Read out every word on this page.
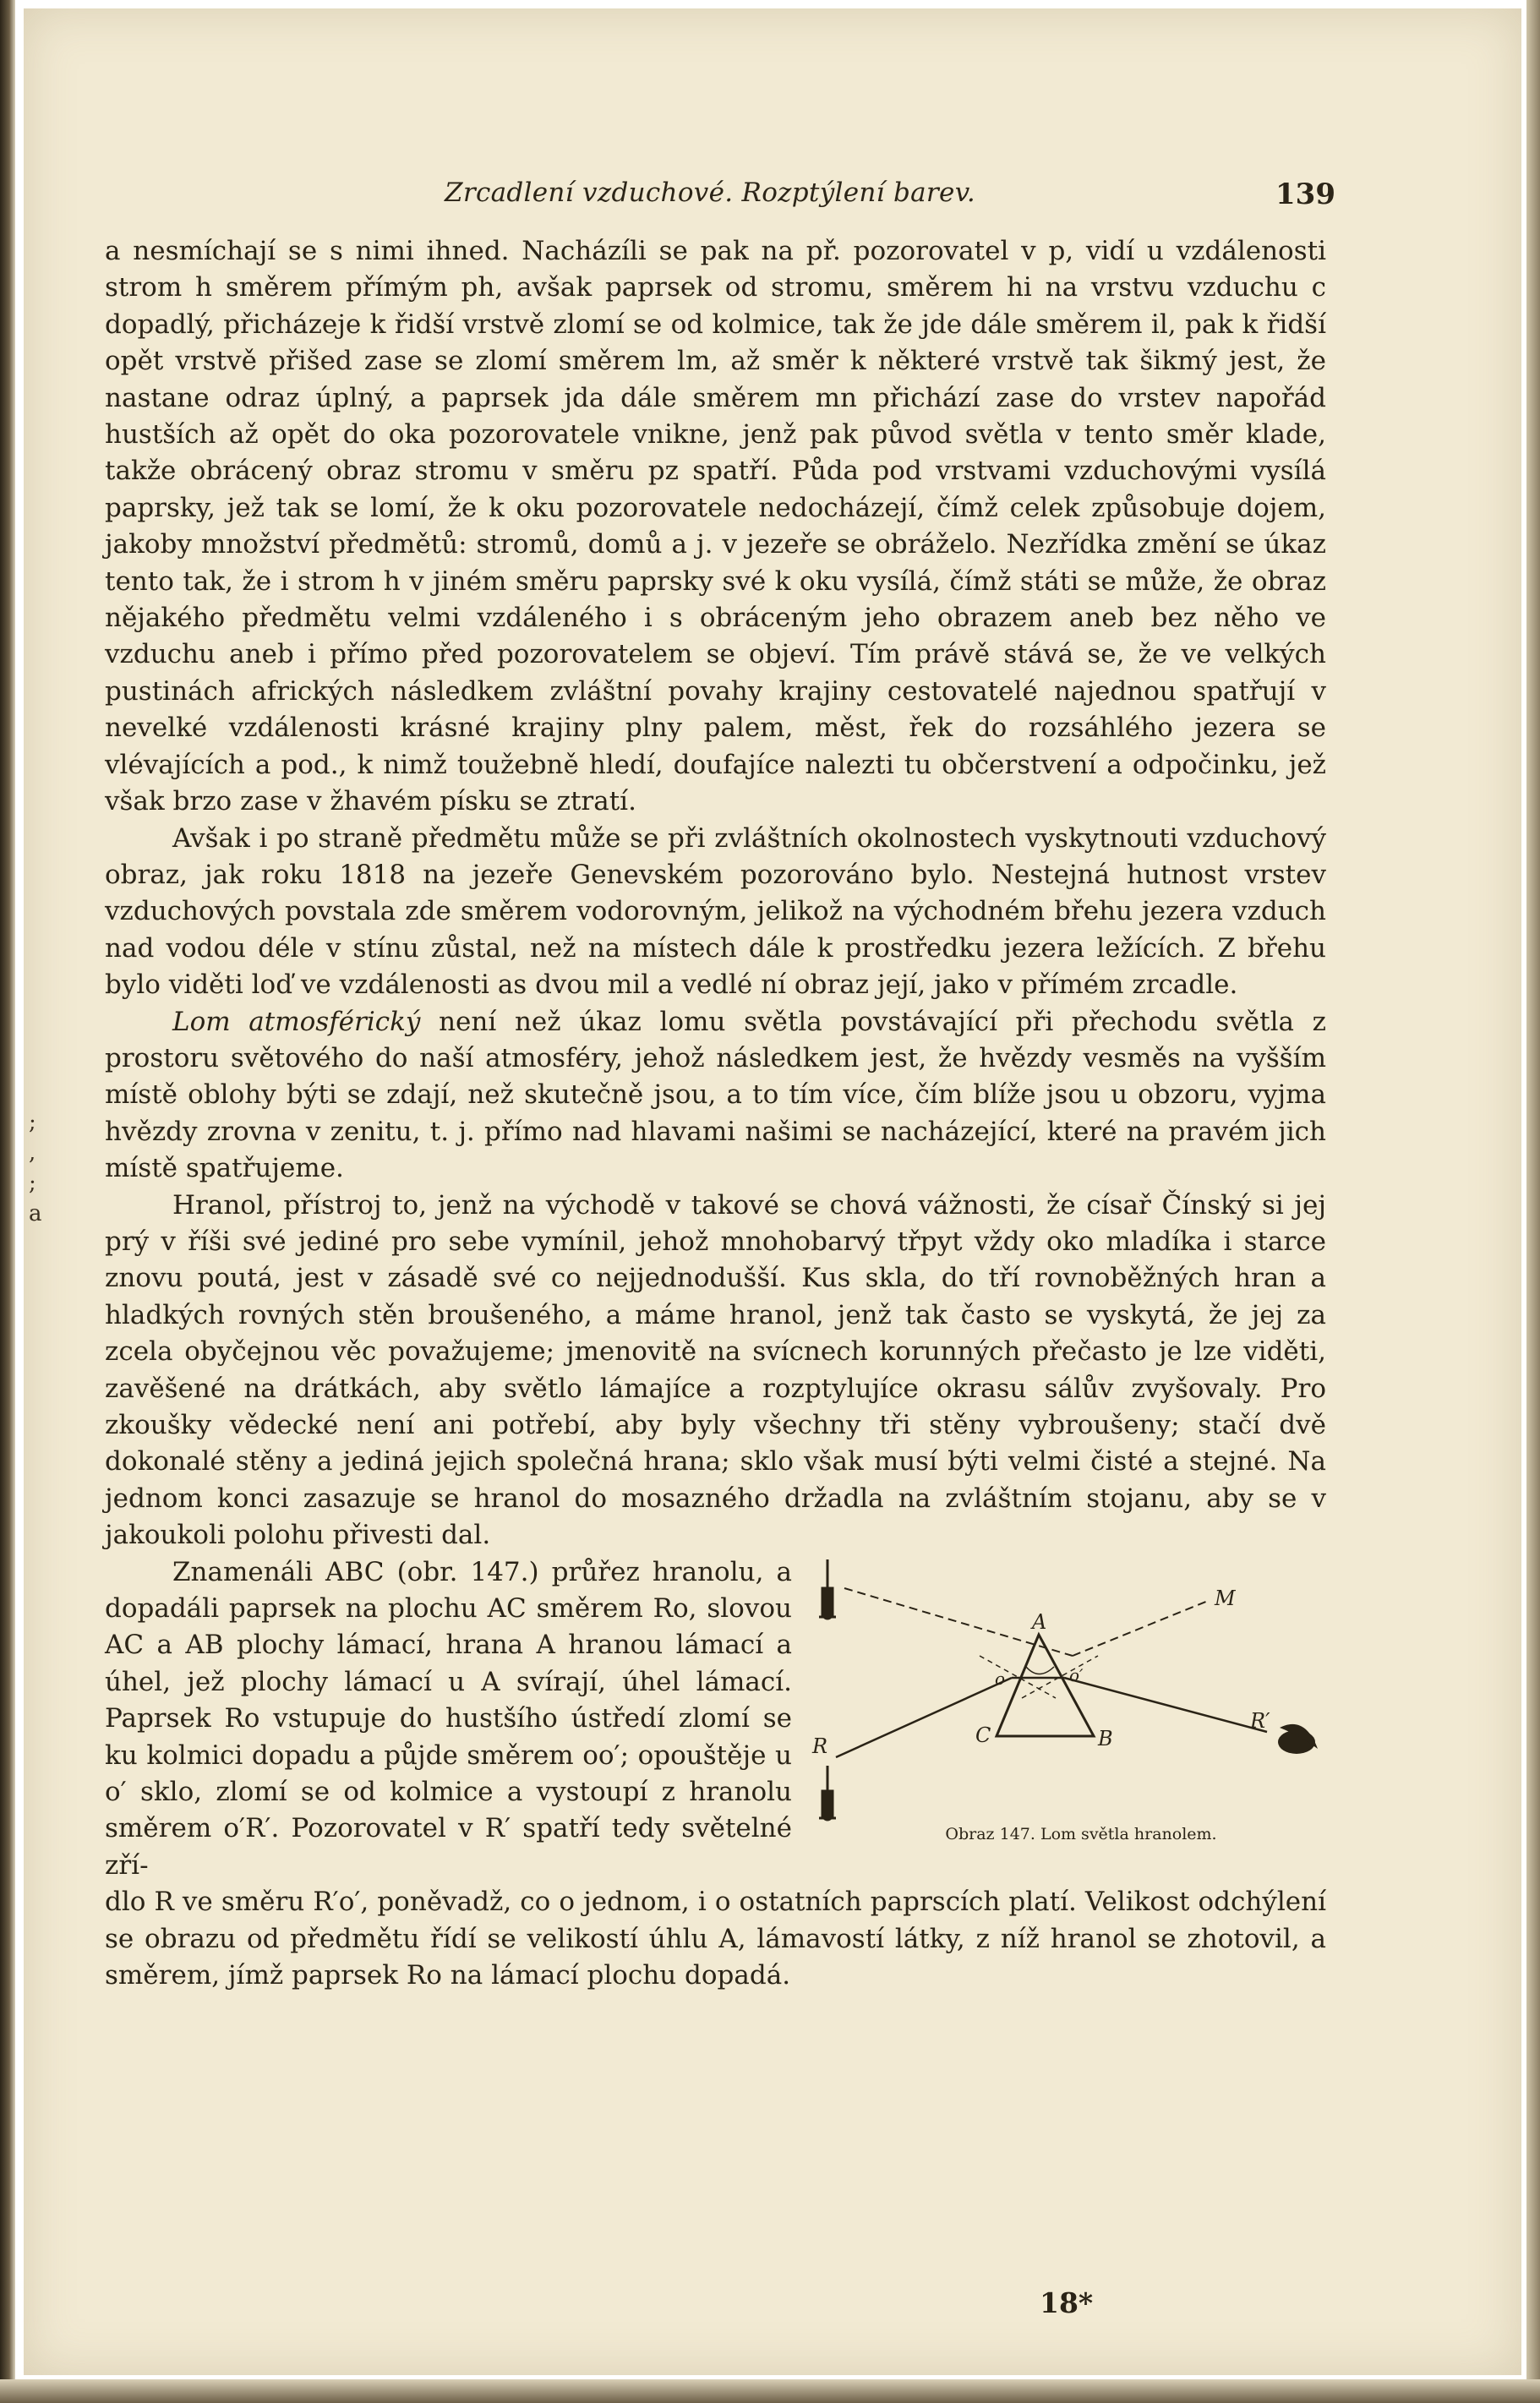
; , ; a
Zrcadlení vzduchové. Rozptýlení barev.	139

a nesmíchají se s nimi ihned. Nacházíli se pak na př. pozorovatel v p, vidí u vzdálenosti strom h směrem přímým ph, avšak paprsek od stromu, směrem hi na vrstvu vzduchu c dopadlý, přicházeje k řidší vrstvě zlomí se od kolmice, tak že jde dále směrem il, pak k řidší opět vrstvě přišed zase se zlomí směrem lm, až směr k některé vrstvě tak šikmý jest, že nastane odraz úplný, a paprsek jda dále směrem mn přichází zase do vrstev napořád hustších až opět do oka pozorovatele vnikne, jenž pak původ světla v tento směr klade, takže obrácený obraz stromu v směru pz spatří. Půda pod vrstvami vzduchovými vysílá paprsky, jež tak se lomí, že k oku pozorovatele nedocházejí, čímž celek způsobuje dojem, jakoby množství předmětů: stromů, domů a j. v jezeře se obráželo. Nezřídka změní se úkaz tento tak, že i strom h v jiném směru paprsky své k oku vysílá, čímž státi se může, že obraz nějakého předmětu velmi vzdáleného i s obráceným jeho obrazem aneb bez něho ve vzduchu aneb i přímo před pozorovatelem se objeví. Tím právě stává se, že ve velkých pustinách afrických následkem zvláštní povahy krajiny cestovatelé najednou spatřují v nevelké vzdálenosti krásné krajiny plny palem, měst, řek do rozsáhlého jezera se vlévajících a pod., k nimž toužebně hledí, doufajíce nalezti tu občerstvení a odpočinku, jež však brzo zase v žhavém písku se ztratí.

Avšak i po straně předmětu může se při zvláštních okolnostech vyskytnouti vzduchový obraz, jak roku 1818 na jezeře Genevském pozorováno bylo. Nestejná hutnost vrstev vzduchových povstala zde směrem vodorovným, jelikož na východném břehu jezera vzduch nad vodou déle v stínu zůstal, než na místech dále k prostředku jezera ležících. Z břehu bylo viděti loď ve vzdálenosti as dvou mil a vedlé ní obraz její, jako v přímém zrcadle.

Lom atmosférický není než úkaz lomu světla povstávající při přechodu světla z prostoru světového do naší atmosféry, jehož následkem jest, že hvězdy vesměs na vyšším místě oblohy býti se zdají, než skutečně jsou, a to tím více, čím blíže jsou u obzoru, vyjma hvězdy zrovna v zenitu, t. j. přímo nad hlavami našimi se nacházející, které na pravém jich místě spatřujeme.

Hranol, přístroj to, jenž na východě v takové se chová vážnosti, že císař Čínský si jej prý v říši své jediné pro sebe vymínil, jehož mnohobarvý třpyt vždy oko mladíka i starce znovu poutá, jest v zásadě své co nejjednodušší. Kus skla, do tří rovnoběžných hran a hladkých rovných stěn broušeného, a máme hranol, jenž tak často se vyskytá, že jej za zcela obyčejnou věc považujeme; jmenovitě na svícnech korunných přečasto je lze viděti, zavěšené na drátkách, aby světlo lámajíce a rozptylujíce okrasu sálův zvyšovaly. Pro zkoušky vědecké není ani potřebí, aby byly všechny tři stěny vybroušeny; stačí dvě dokonalé stěny a jediná jejich společná hrana; sklo však musí býti velmi čisté a stejné. Na jednom konci zasazuje se hranol do mosazného držadla na zvláštním stojanu, aby se v jakoukoli polohu přivesti dal.

M
A
o	o′
C	B
R
R′
Obraz 147. Lom světla hranolem.

Znamenáli ABC (obr. 147.) průřez hranolu, a dopadáli paprsek na plochu AC směrem Ro, slovou AC a AB plochy lámací, hrana A hranou lámací a úhel, jež plochy lámací u A svírají, úhel lámací. Paprsek Ro vstupuje do hustšího ústředí zlomí se ku kolmici dopadu a půjde směrem oo′; opouštěje u o′ sklo, zlomí se od kolmice a vystoupí z hranolu směrem o′R′. Pozorovatel v R′ spatří tedy světelné zří-

dlo R ve směru R′o′, poněvadž, co o jednom, i o ostatních paprscích platí. Velikost odchýlení se obrazu od předmětu řídí se velikostí úhlu A, lámavostí látky, z níž hranol se zhotovil, a směrem, jímž paprsek Ro na lámací plochu dopadá.

18*
